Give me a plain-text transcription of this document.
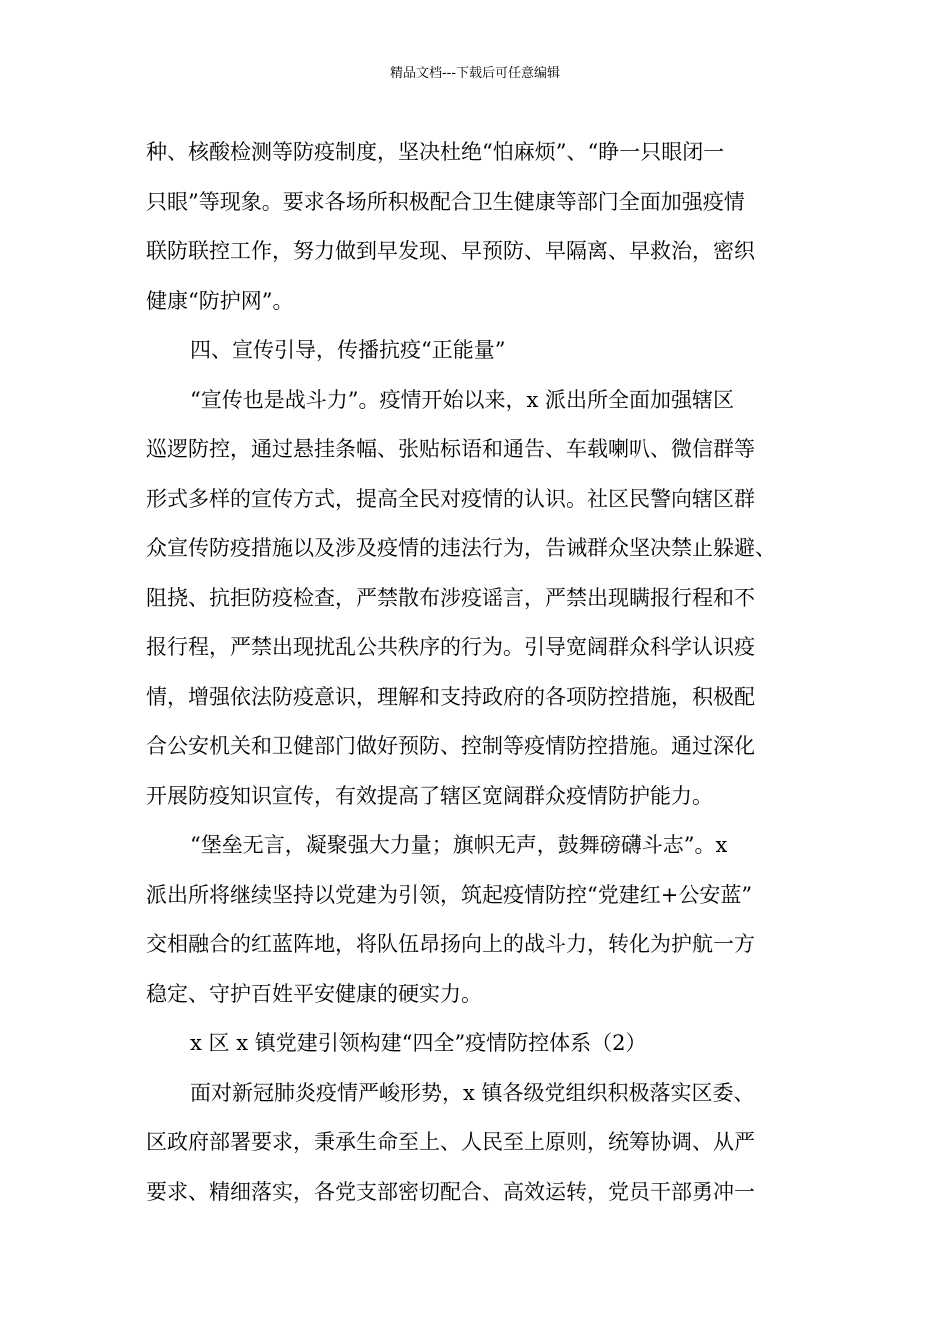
精品文档---下载后可任意编辑
种、核酸检测等防疫制度，坚决杜绝“怕麻烦”、“睁一只眼闭一
只眼”等现象。要求各场所积极配合卫生健康等部门全面加强疫情
联防联控工作，努力做到早发现、早预防、早隔离、早救治，密织
健康“防护网”。
四、宣传引导，传播抗疫“正能量”
“宣传也是战斗力”。疫情开始以来，x 派出所全面加强辖区
巡逻防控，通过悬挂条幅、张贴标语和通告、车载喇叭、微信群等
形式多样的宣传方式，提高全民对疫情的认识。社区民警向辖区群
众宣传防疫措施以及涉及疫情的违法行为，告诫群众坚决禁止躲避、
阻挠、抗拒防疫检查，严禁散布涉疫谣言，严禁出现瞒报行程和不
报行程，严禁出现扰乱公共秩序的行为。引导宽阔群众科学认识疫
情，增强依法防疫意识，理解和支持政府的各项防控措施，积极配
合公安机关和卫健部门做好预防、控制等疫情防控措施。通过深化
开展防疫知识宣传，有效提高了辖区宽阔群众疫情防护能力。
“堡垒无言，凝聚强大力量；旗帜无声，鼓舞磅礴斗志”。x
派出所将继续坚持以党建为引领，筑起疫情防控“党建红+公安蓝”
交相融合的红蓝阵地，将队伍昂扬向上的战斗力，转化为护航一方
稳定、守护百姓平安健康的硬实力。
x 区 x 镇党建引领构建“四全”疫情防控体系（2）
面对新冠肺炎疫情严峻形势，x 镇各级党组织积极落实区委、
区政府部署要求，秉承生命至上、人民至上原则，统筹协调、从严
要求、精细落实，各党支部密切配合、高效运转，党员干部勇冲一
